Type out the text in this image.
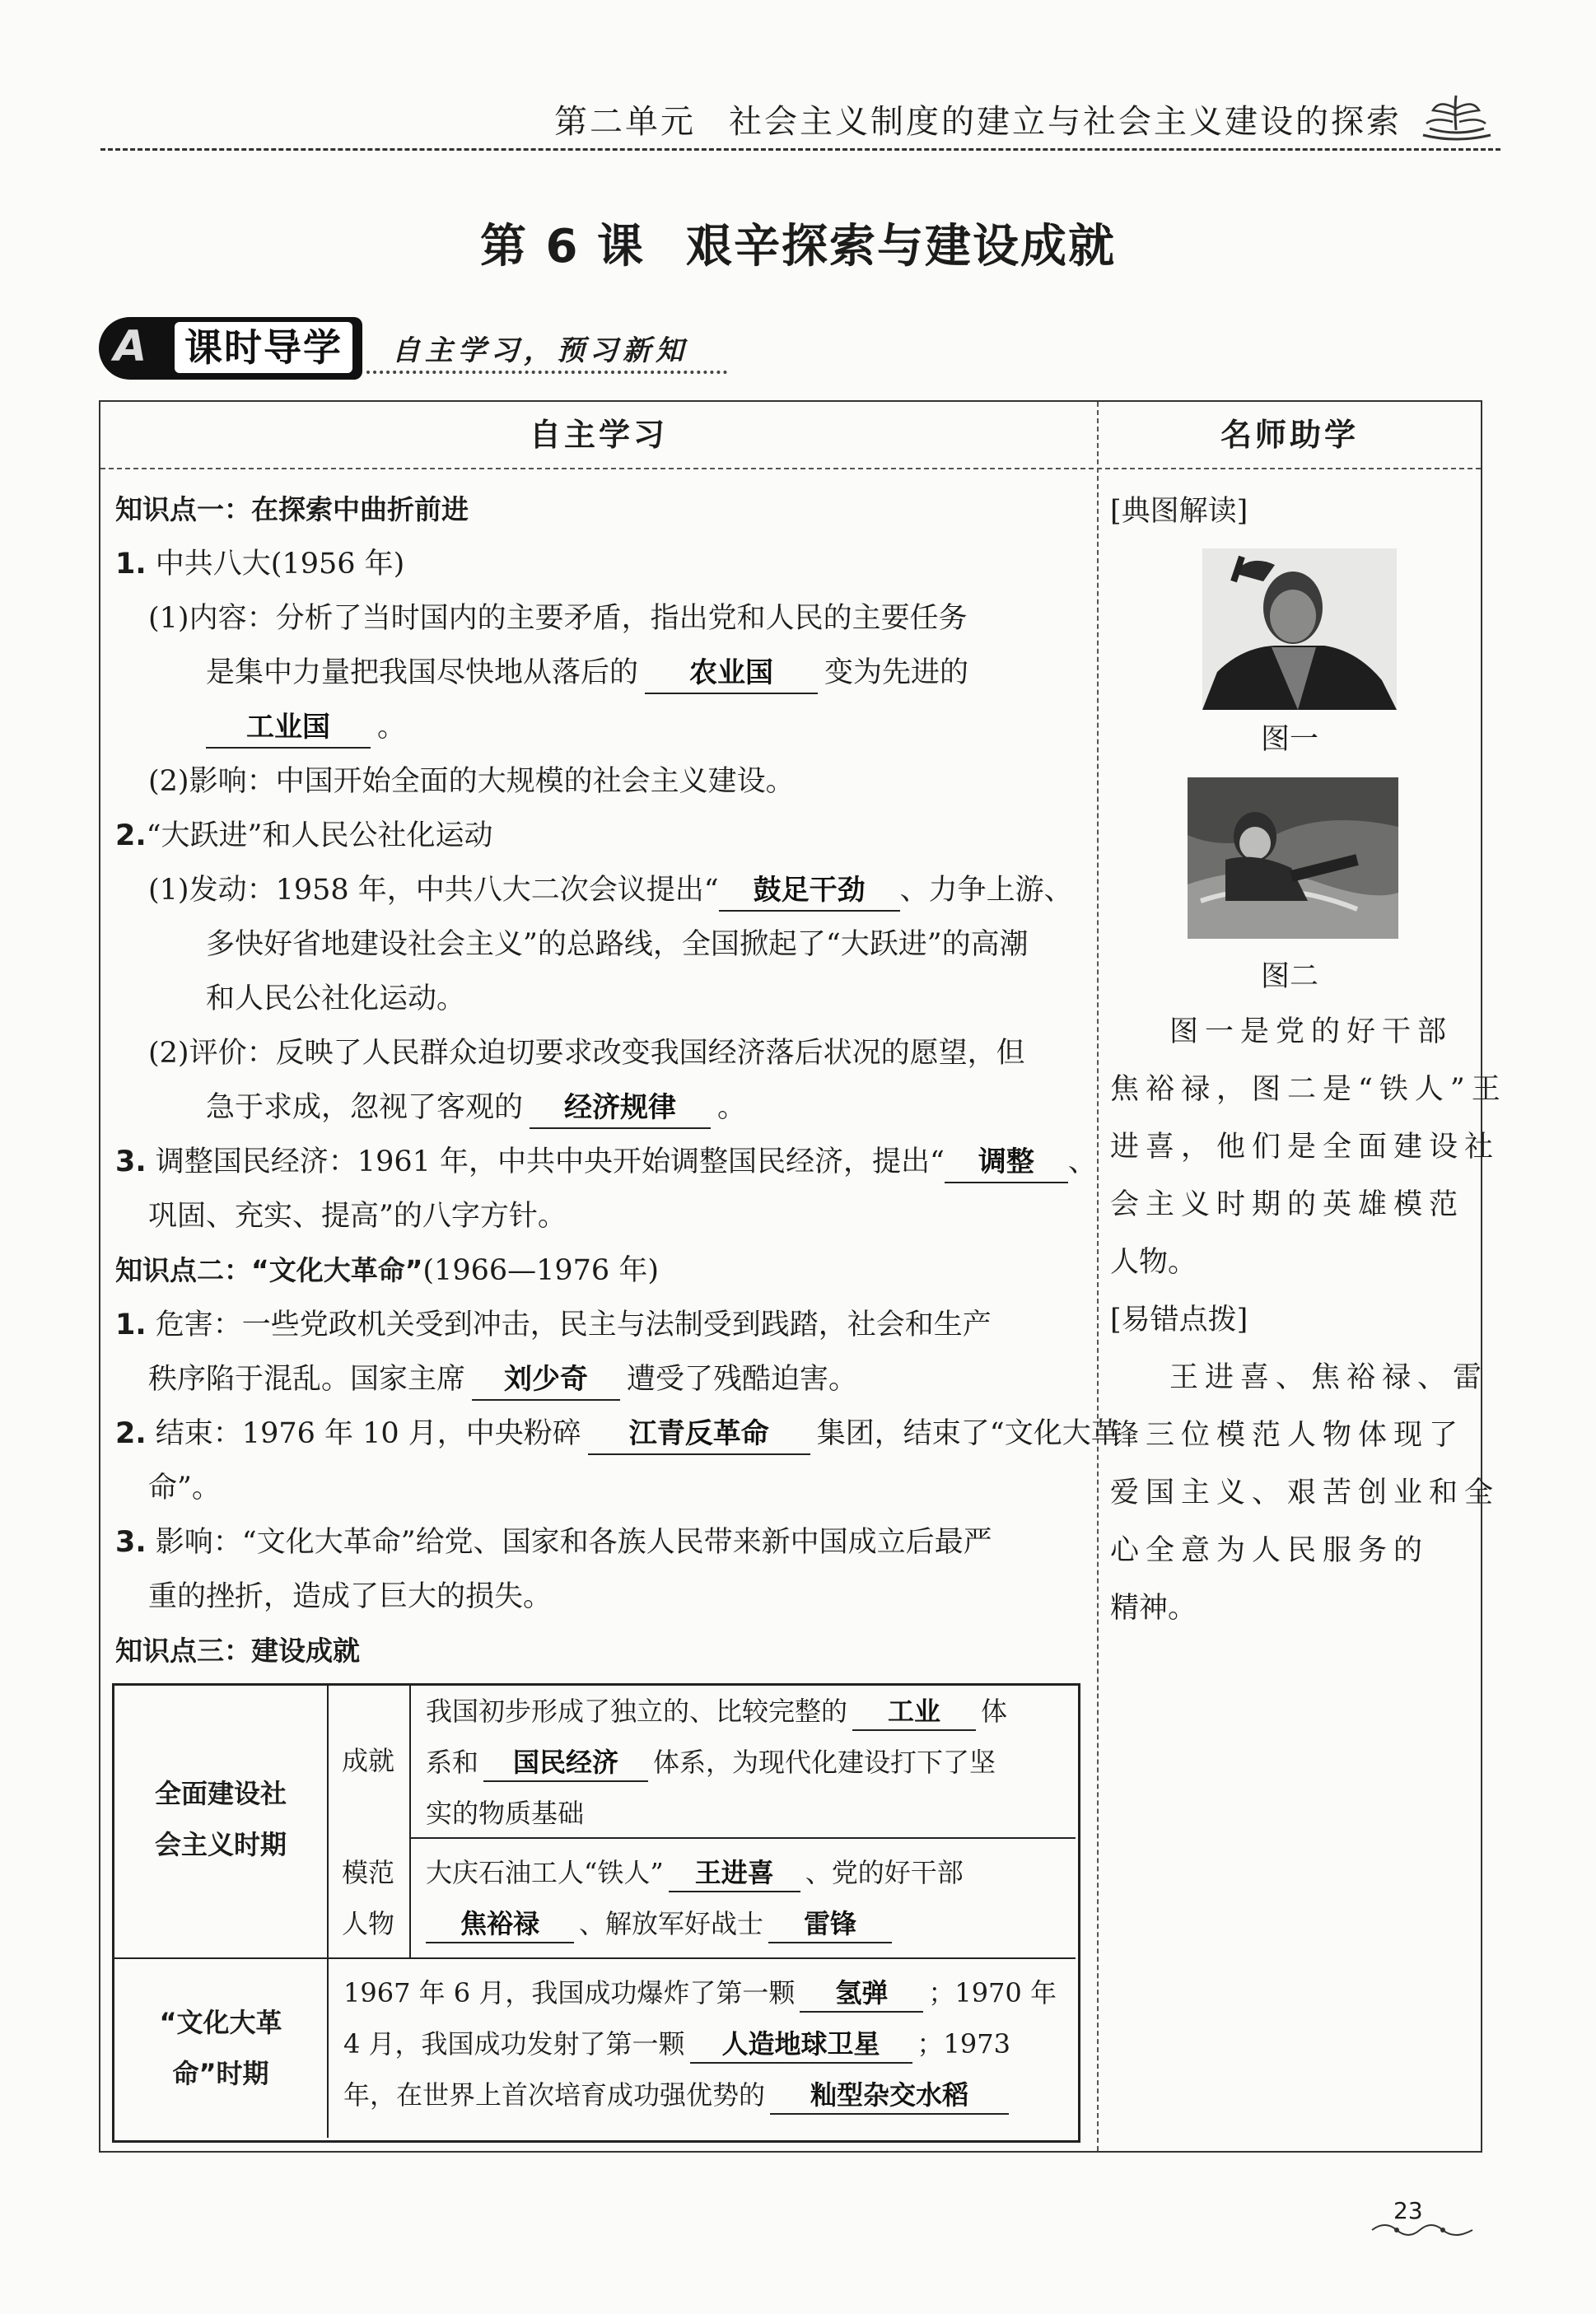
第二单元 社会主义制度的建立与社会主义建设的探索
第 6 课 艰辛探索与建设成就
A 课时导学	自主学习，预习新知
自主学习	名师助学
知识点一：在探索中曲折前进
1. 中共八大(1956 年)
(1)内容：分析了当时国内的主要矛盾，指出党和人民的主要任务
是集中力量把我国尽快地从落后的 农业国 变为先进的
工业国 。
(2)影响：中国开始全面的大规模的社会主义建设。
2.“大跃进”和人民公社化运动
(1)发动：1958 年，中共八大二次会议提出“ 鼓足干劲 、力争上游、
多快好省地建设社会主义”的总路线，全国掀起了“大跃进”的高潮
和人民公社化运动。
(2)评价：反映了人民群众迫切要求改变我国经济落后状况的愿望，但
急于求成，忽视了客观的 经济规律 。
3. 调整国民经济：1961 年，中共中央开始调整国民经济，提出“ 调整 、
巩固、充实、提高”的八字方针。
知识点二：“文化大革命”(1966—1976 年)
1. 危害：一些党政机关受到冲击，民主与法制受到践踏，社会和生产
秩序陷于混乱。国家主席 刘少奇 遭受了残酷迫害。
2. 结束：1976 年 10 月，中央粉碎 江青反革命 集团，结束了“文化大革
命”。
3. 影响：“文化大革命”给党、国家和各族人民带来新中国成立后最严
重的挫折，造成了巨大的损失。
知识点三：建设成就
全面建设社
会主义时期
成就
我国初步形成了独立的、比较完整的 工业 体
系和 国民经济 体系，为现代化建设打下了坚
实的物质基础
模范
人物
大庆石油工人“铁人” 王进喜 、党的好干部
焦裕禄 、解放军好战士 雷锋
“文化大革
命”时期
1967 年 6 月，我国成功爆炸了第一颗 氢弹 ；1970 年
4 月，我国成功发射了第一颗 人造地球卫星 ；1973
年，在世界上首次培育成功强优势的 籼型杂交水稻
[典图解读]
图一
图二
图一是党的好干部
焦裕禄，图二是“铁人”王
进喜，他们是全面建设社
会主义时期的英雄模范
人物。
[易错点拨]
王进喜、焦裕禄、雷
锋三位模范人物体现了
爱国主义、艰苦创业和全
心全意为人民服务的
精神。
23
